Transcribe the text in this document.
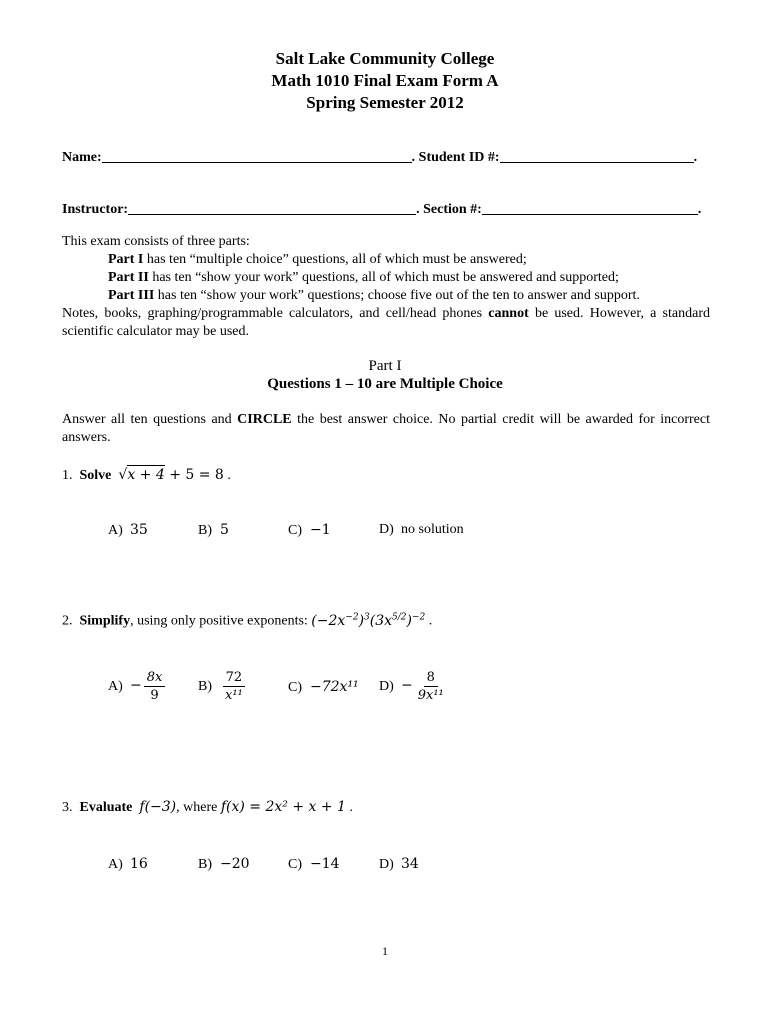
Salt Lake Community College
Math 1010 Final Exam Form A
Spring Semester 2012
Name:	. Student ID #:	.
Instructor:	. Section #:	.
This exam consists of three parts:
Part I has ten “multiple choice” questions, all of which must be answered;
Part II has ten “show your work” questions, all of which must be answered and supported;
Part III has ten “show your work” questions; choose five out of the ten to answer and support.
Notes, books, graphing/programmable calculators, and cell/head phones cannot be used. However, a standard scientific calculator may be used.
Part I
Questions 1 – 10 are Multiple Choice
Answer all ten questions and CIRCLE the best answer choice. No partial credit will be awarded for incorrect answers.
1. Solve √x + 4 + 5 = 8 .
A) 35	B) 5	C) −1	D) no solution
2. Simplify, using only positive exponents: $(-2x^{-2})^3(3x^{5/2})^{-2}$ .
$A) - \frac{8x}{9} B) \frac{72}{\text{x¹¹}}$	C) −72x¹¹ $D) - \frac{8}{\text{9x¹¹}}$
3. Evaluate f(−3), where f(x) = 2x² + x + 1 .
A) 16	B) −20	C) −14	D) 34
1
